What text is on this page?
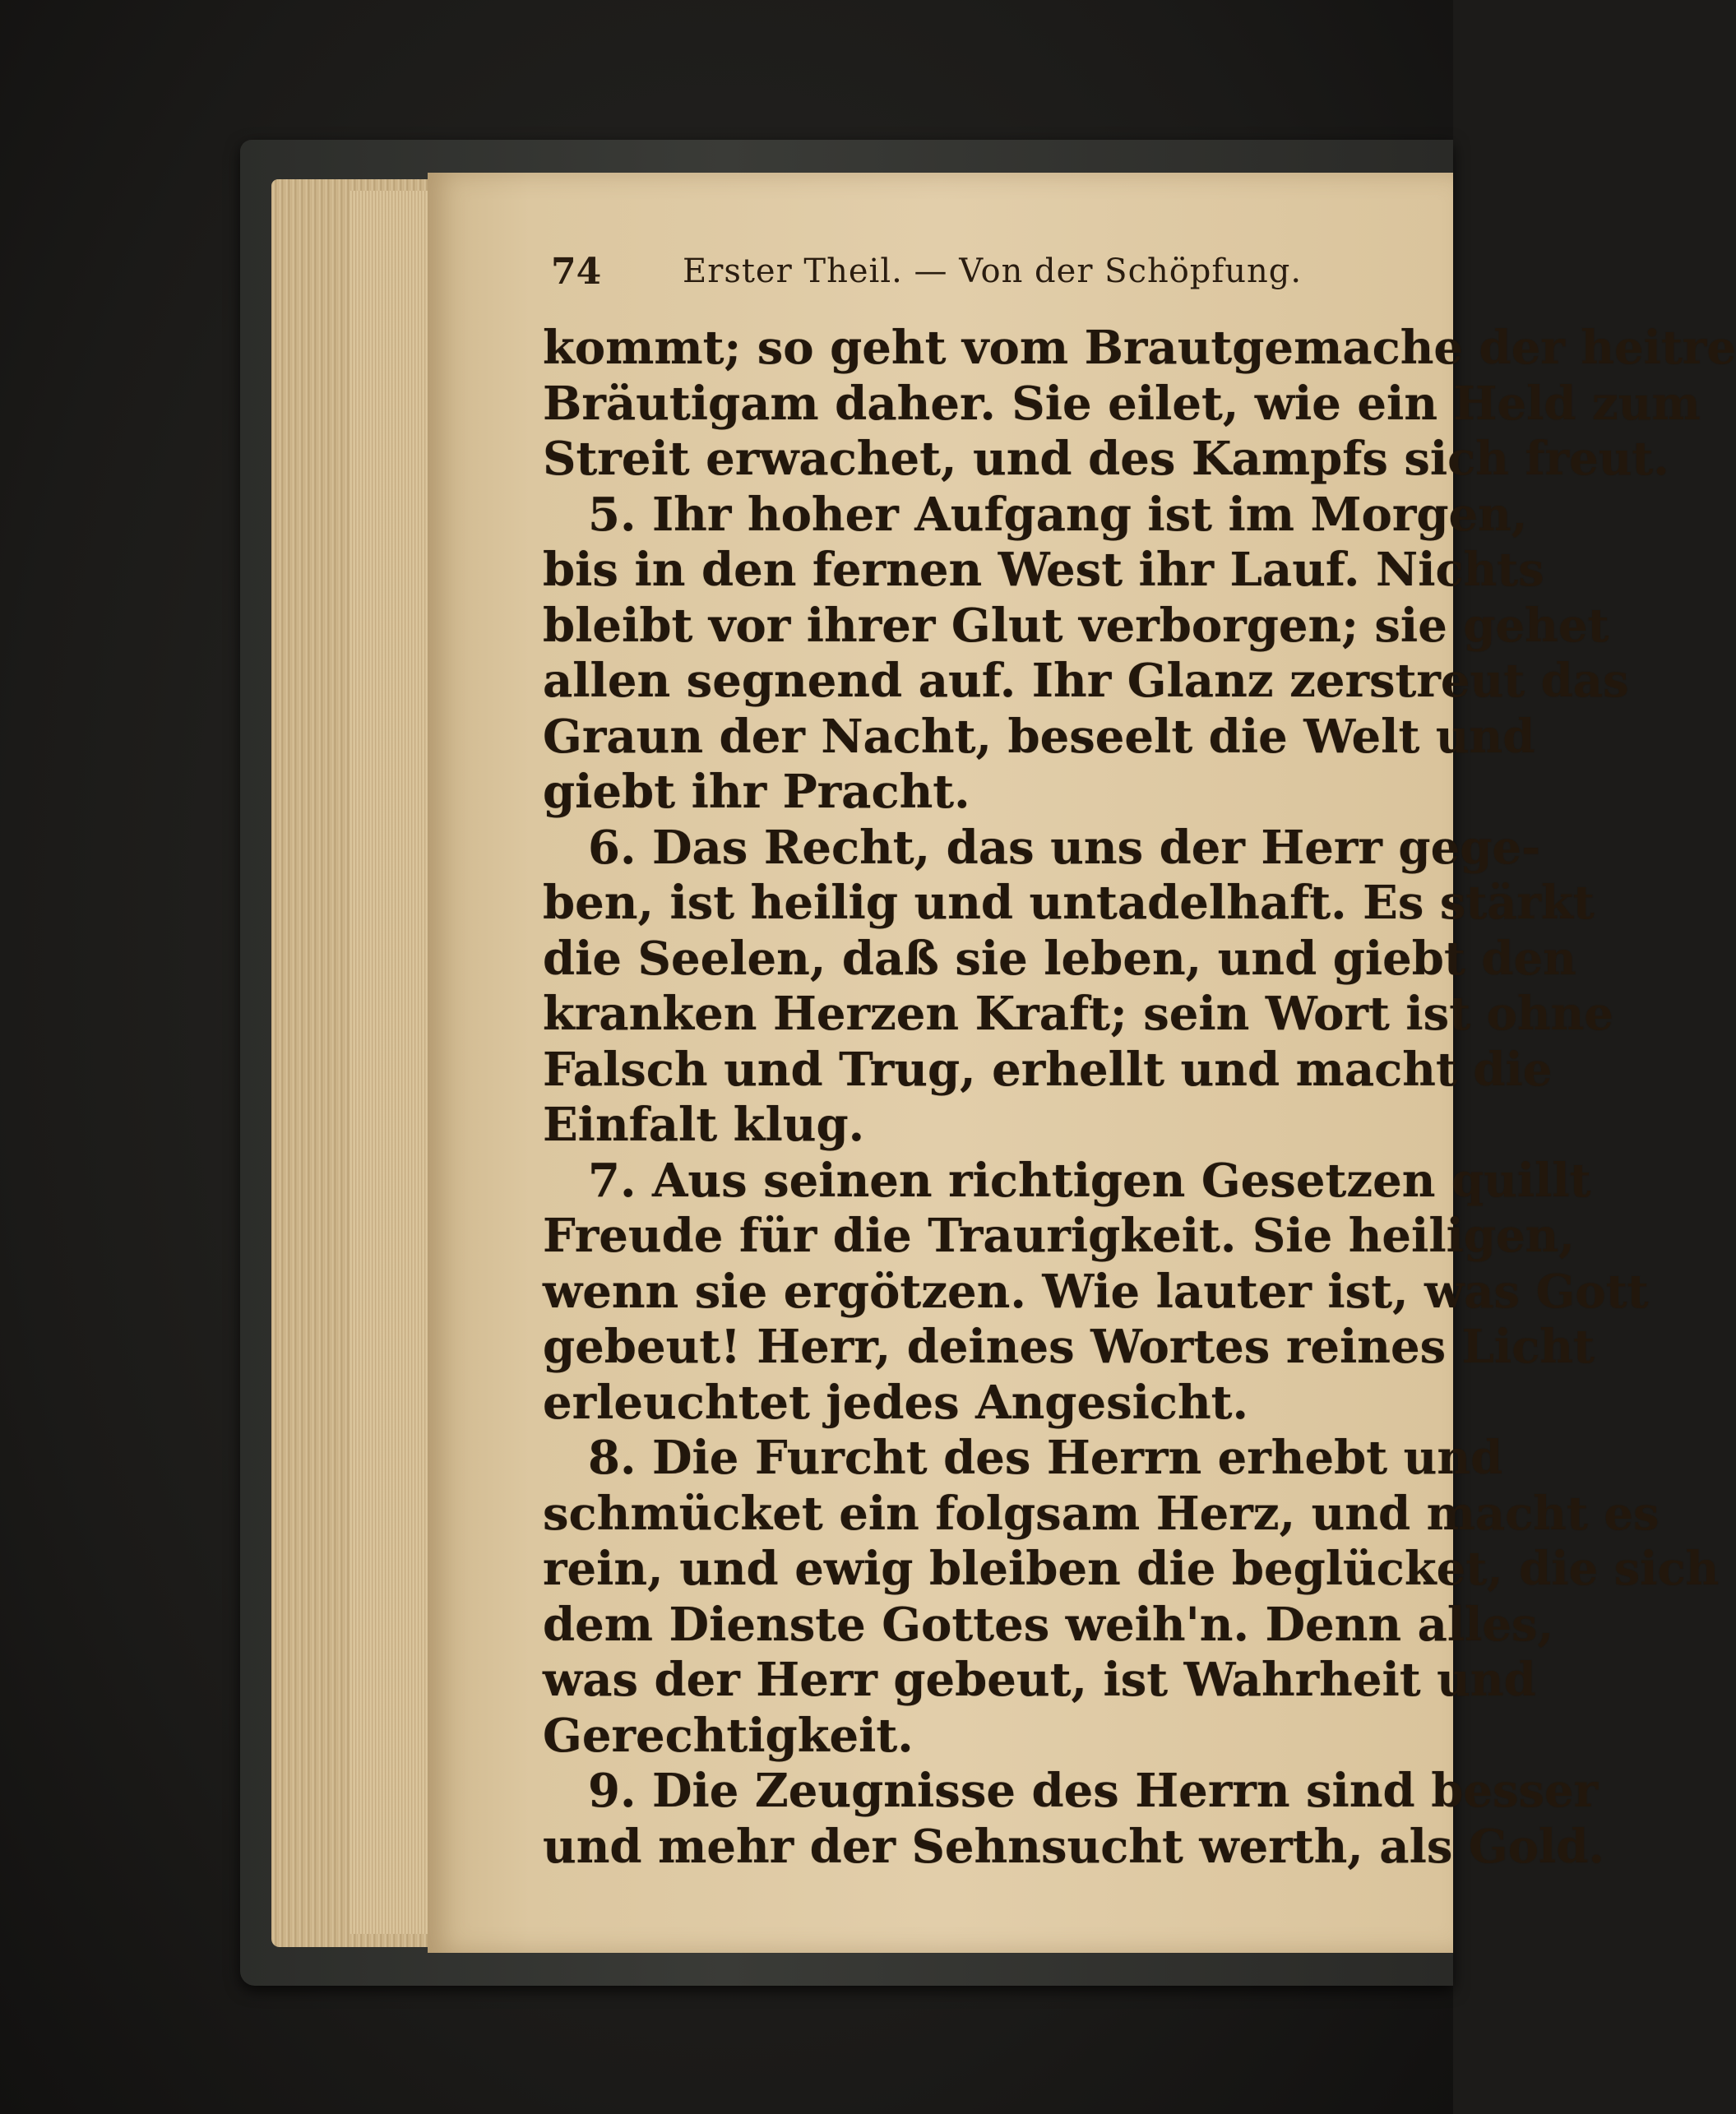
74 Erster Theil. — Von der Schöpfung.
kommt; so geht vom Brautgemache der heitre
Bräutigam daher. Sie eilet, wie ein Held zum
Streit erwachet, und des Kampfs sich freut.
5. Ihr hoher Aufgang ist im Morgen,
bis in den fernen West ihr Lauf. Nichts
bleibt vor ihrer Glut verborgen; sie gehet
allen segnend auf. Ihr Glanz zerstreut das
Graun der Nacht, beseelt die Welt und
giebt ihr Pracht.
6. Das Recht, das uns der Herr gege-
ben, ist heilig und untadelhaft. Es stärkt
die Seelen, daß sie leben, und giebt den
kranken Herzen Kraft; sein Wort ist ohne
Falsch und Trug, erhellt und macht die
Einfalt klug.
7. Aus seinen richtigen Gesetzen quillt
Freude für die Traurigkeit. Sie heiligen,
wenn sie ergötzen. Wie lauter ist, was Gott
gebeut! Herr, deines Wortes reines Licht
erleuchtet jedes Angesicht.
8. Die Furcht des Herrn erhebt und
schmücket ein folgsam Herz, und macht es
rein, und ewig bleiben die beglücket, die sich
dem Dienste Gottes weih'n. Denn alles,
was der Herr gebeut, ist Wahrheit und
Gerechtigkeit.
9. Die Zeugnisse des Herrn sind besser
und mehr der Sehnsucht werth, als Gold.
